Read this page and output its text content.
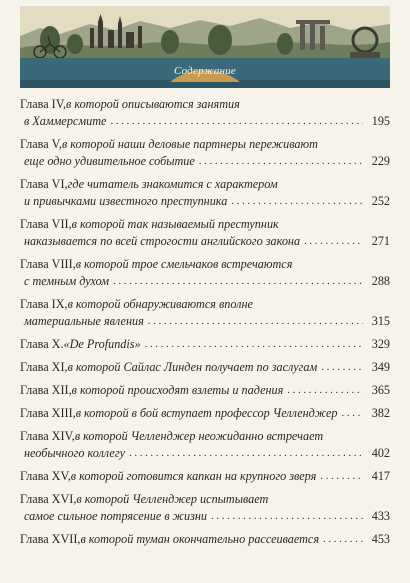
Содержание
Глава IV, в которой описываются занятия
в Хаммерсмите .....	195
Глава V, в которой наши деловые партнеры переживают
еще одно удивительное событие .....	229
Глава VI, где читатель знакомится с характером
и привычками известного преступника .....	252
Глава VII, в которой так называемый преступник
наказывается по всей строгости английского закона .....	271
Глава VIII, в которой трое смельчаков встречаются
с темным духом .....	288
Глава IX, в которой обнаруживаются вполне
материальные явления .....	315
Глава X. «De Profundis» .....	329
Глава XI, в которой Сайлас Линден получает по заслугам .....	349
Глава XII, в которой происходят взлеты и падения .....	365
Глава XIII, в которой в бой вступает профессор Челленджер .....	382
Глава XIV, в которой Челленджер неожиданно встречает
необычного коллегу .....	402
Глава XV, в которой готовится капкан на крупного зверя .....	417
Глава XVI, в которой Челленджер испытывает
самое сильное потрясение в жизни .....	433
Глава XVII, в которой туман окончательно рассеивается .....	453
